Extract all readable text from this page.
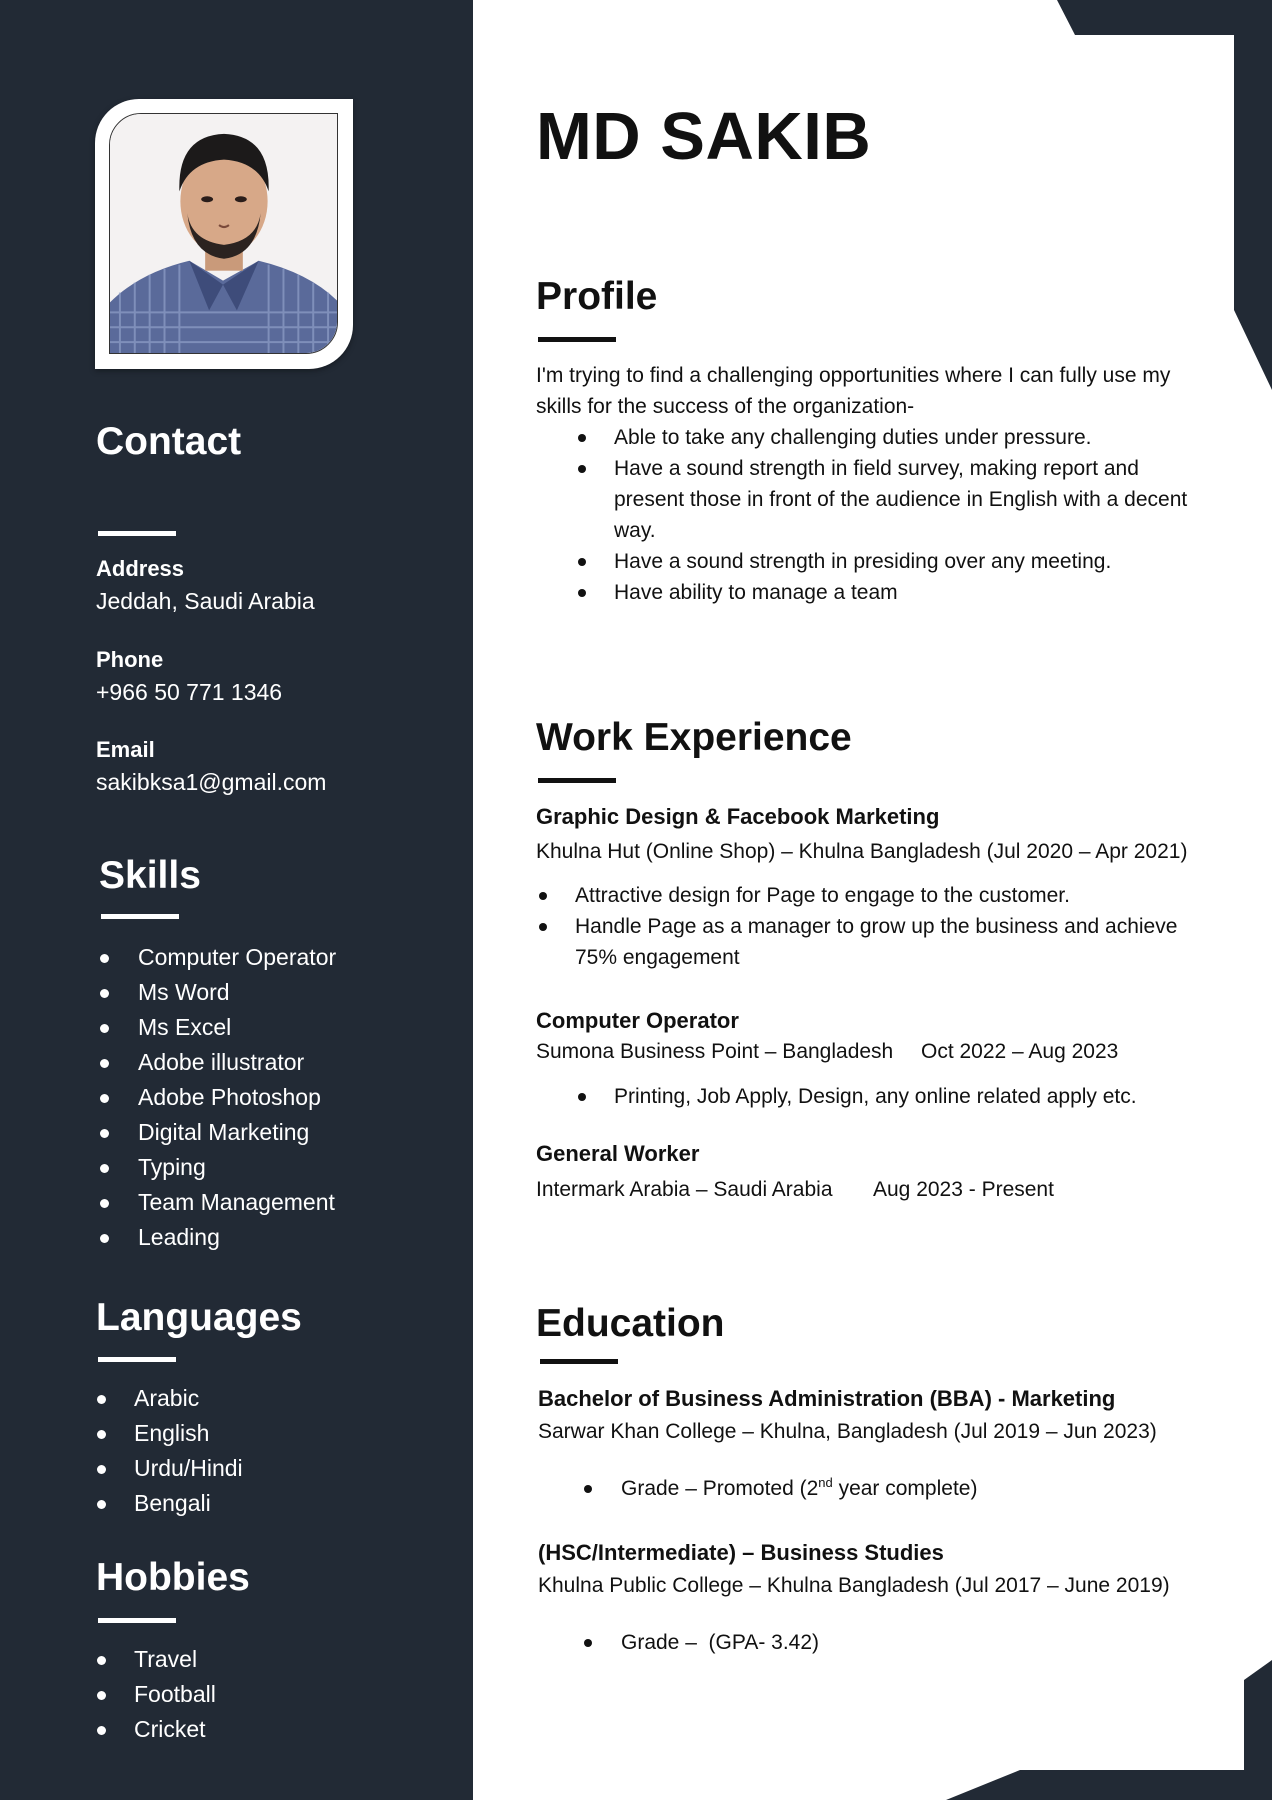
Contact
Address
Jeddah, Saudi Arabia
Phone
+966 50 771 1346
Email
sakibksa1@gmail.com
Skills
Computer Operator
Ms Word
Ms Excel
Adobe illustrator
Adobe Photoshop
Digital Marketing
Typing
Team Management
Leading
Languages
Arabic
English
Urdu/Hindi
Bengali
Hobbies
Travel
Football
Cricket
MD SAKIB
Profile
I'm trying to find a challenging opportunities where I can fully use my skills for the success of the organization-
Able to take any challenging duties under pressure.
Have a sound strength in field survey, making report and present those in front of the audience in English with a decent way.
Have a sound strength in presiding over any meeting.
Have ability to manage a team
Work Experience
Graphic Design & Facebook Marketing
Khulna Hut (Online Shop) – Khulna Bangladesh (Jul 2020 – Apr 2021)
Attractive design for Page to engage to the customer.
Handle Page as a manager to grow up the business and achieve 75% engagement
Computer Operator
Sumona Business Point – Bangladesh Oct 2022 – Aug 2023
Printing, Job Apply, Design, any online related apply etc.
General Worker
Intermark Arabia – Saudi Arabia Aug 2023 - Present
Education
Bachelor of Business Administration (BBA) - Marketing
Sarwar Khan College – Khulna, Bangladesh (Jul 2019 – Jun 2023)
Grade – Promoted (2nd year complete)
(HSC/Intermediate) – Business Studies
Khulna Public College – Khulna Bangladesh (Jul 2017 – June 2019)
Grade –  (GPA- 3.42)
